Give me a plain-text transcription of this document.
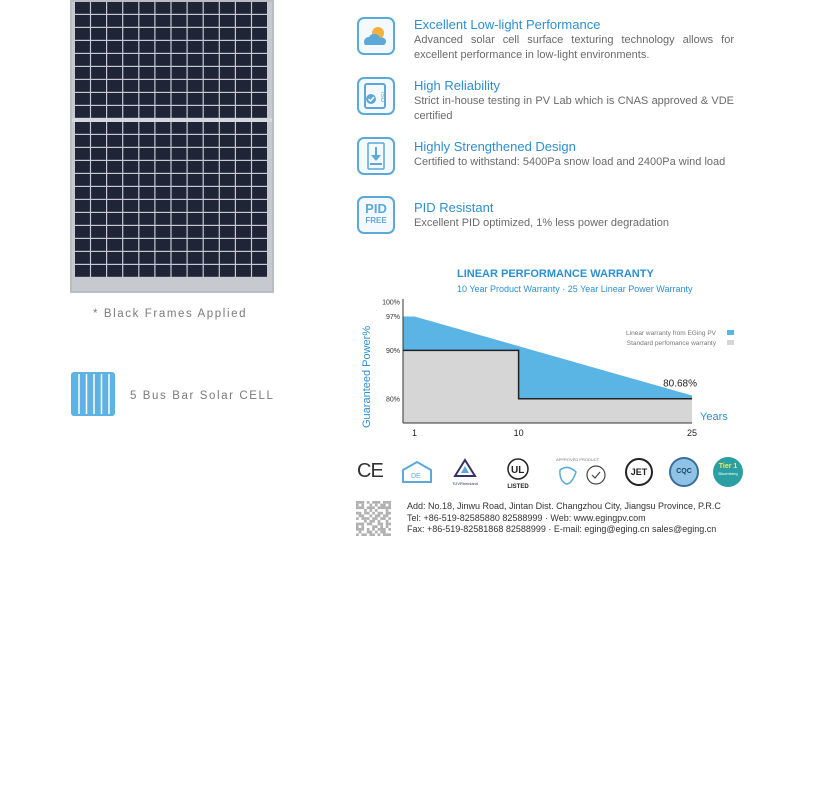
* Black Frames Applied
5 Bus Bar Solar CELL
Excellent Low-light Performance
Advanced solar cell surface texturing technology allows for excellent performance in low-light environments.
ISO
High Reliability
Strict in-house testing in PV Lab which is CNAS approved & VDE certified
Highly Strengthened Design
Certified to withstand: 5400Pa snow load and 2400Pa wind load
PID
FREE
PID Resistant
Excellent PID optimized, 1% less power degradation
LINEAR PERFORMANCE WARRANTY
10 Year Product Warranty · 25 Year Linear Power Warranty
100%
97%
90%
80%
1	10	25
Years
Guaranteed Power%	80.68%
Linear warranty from EGing PV
Standard perfomance warranty
CE	DE
TÜVRheinland
UL
LISTED
APPROVED PRODUCT
JET	CQC
Tier 1
Bloomberg
Add: No.18, Jinwu Road, Jintan Dist. Changzhou City, Jiangsu Province, P.R.C
Tel: +86-519-82585880 82588999 · Web: www.egingpv.com
Fax: +86-519-82581868 82588999 · E-mail: eging@eging.cn sales@eging.cn
